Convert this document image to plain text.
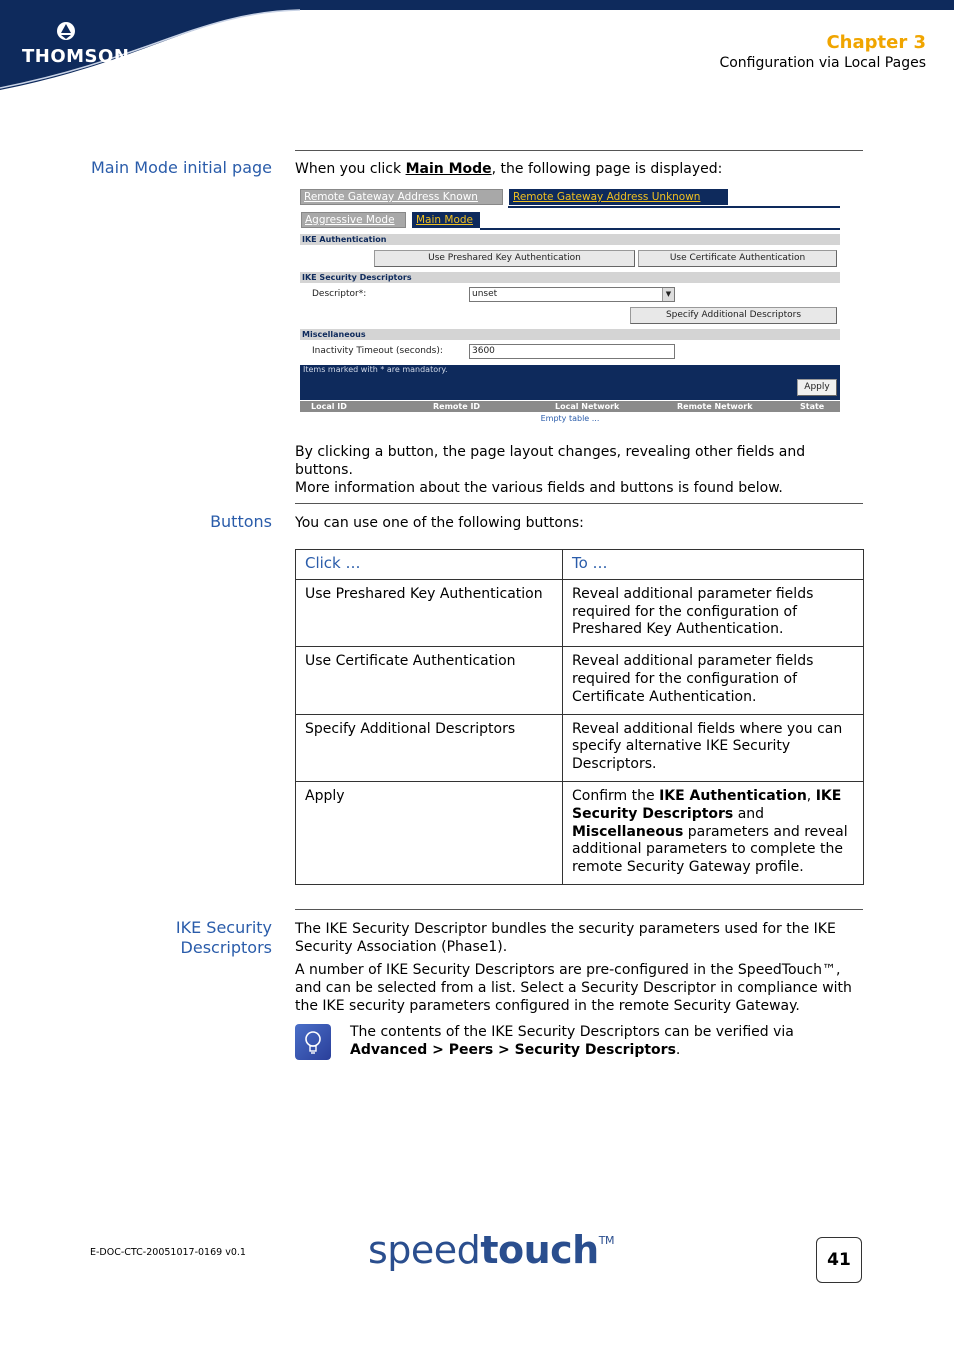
THOMSON
Chapter 3
Configuration via Local Pages
Main Mode initial page When you click Main Mode, the following page is displayed:
Remote Gateway Address Known	Remote Gateway Address Unknown
Aggressive Mode	Main Mode
IKE Authentication
Use Preshared Key Authentication	Use Certificate Authentication
IKE Security Descriptors
Descriptor*:	unset	▼
Specify Additional Descriptors
Miscellaneous
Inactivity Timeout (seconds):	3600
Items marked with * are mandatory.
Apply
Local ID	Remote ID	Local Network	Remote Network	State
Empty table ...
By clicking a button, the page layout changes, revealing other fields and buttons.
More information about the various fields and buttons is found below.
Buttons You can use one of the following buttons:
Click …	To …
Use Preshared Key Authentication	Reveal additional parameter fields required for the configuration of Preshared Key Authentication.
Use Certificate Authentication	Reveal additional parameter fields required for the configuration of Certificate Authentication.
Specify Additional Descriptors	Reveal additional fields where you can specify alternative IKE Security Descriptors.
Apply	Confirm the IKE Authentication, IKE Security Descriptors and Miscellaneous parameters and reveal additional parameters to complete the remote Security Gateway profile.
IKE Security
Descriptors
The IKE Security Descriptor bundles the security parameters used for the IKE Security Association (Phase1).
A number of IKE Security Descriptors are pre-configured in the SpeedTouch™, and can be selected from a list. Select a Security Descriptor in compliance with the IKE security parameters configured in the remote Security Gateway.
The contents of the IKE Security Descriptors can be verified via
Advanced > Peers > Security Descriptors.
E-DOC-CTC-20051017-0169 v0.1	speedtouch™
41
